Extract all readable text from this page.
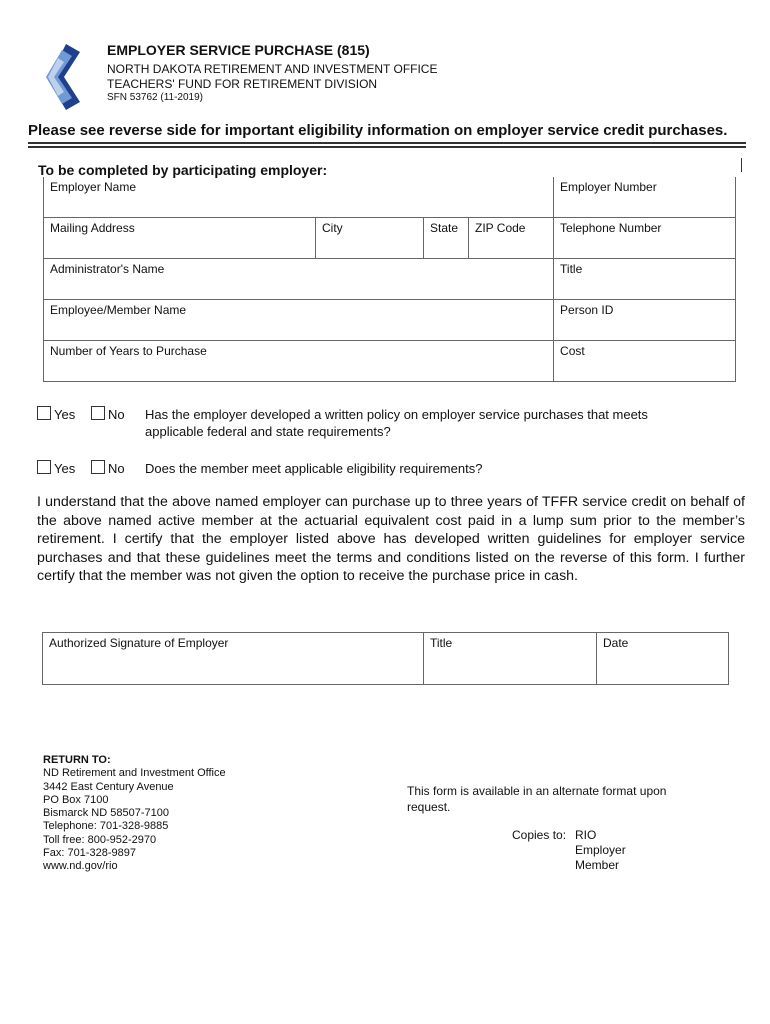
EMPLOYER SERVICE PURCHASE (815)
NORTH DAKOTA RETIREMENT AND INVESTMENT OFFICE
TEACHERS' FUND FOR RETIREMENT DIVISION
SFN 53762 (11-2019)
Please see reverse side for important eligibility information on employer service credit purchases.
To be completed by participating employer:
Employer Name				Employer Number
Mailing Address	City	State	ZIP Code	Telephone Number
Administrator's Name				Title
Employee/Member Name				Person ID
Number of Years to Purchase				Cost
Yes	No Has the employer developed a written policy on employer service purchases that meets
applicable federal and state requirements?
Yes	No Does the member meet applicable eligibility requirements?
I understand that the above named employer can purchase up to three years of TFFR service credit on behalf of the above named active member at the actuarial equivalent cost paid in a lump sum prior to the member’s retirement. I certify that the employer listed above has developed written guidelines for employer service purchases and that these guidelines meet the terms and conditions listed on the reverse of this form. I further certify that the member was not given the option to receive the purchase price in cash.
Authorized Signature of Employer	Title	Date
RETURN TO:
ND Retirement and Investment Office
3442 East Century Avenue
PO Box 7100
Bismarck ND 58507-7100
Telephone: 701-328-9885
Toll free: 800-952-2970
Fax: 701-328-9897
www.nd.gov/rio
This form is available in an alternate format upon request.
Copies to: RIO
Employer
Member
